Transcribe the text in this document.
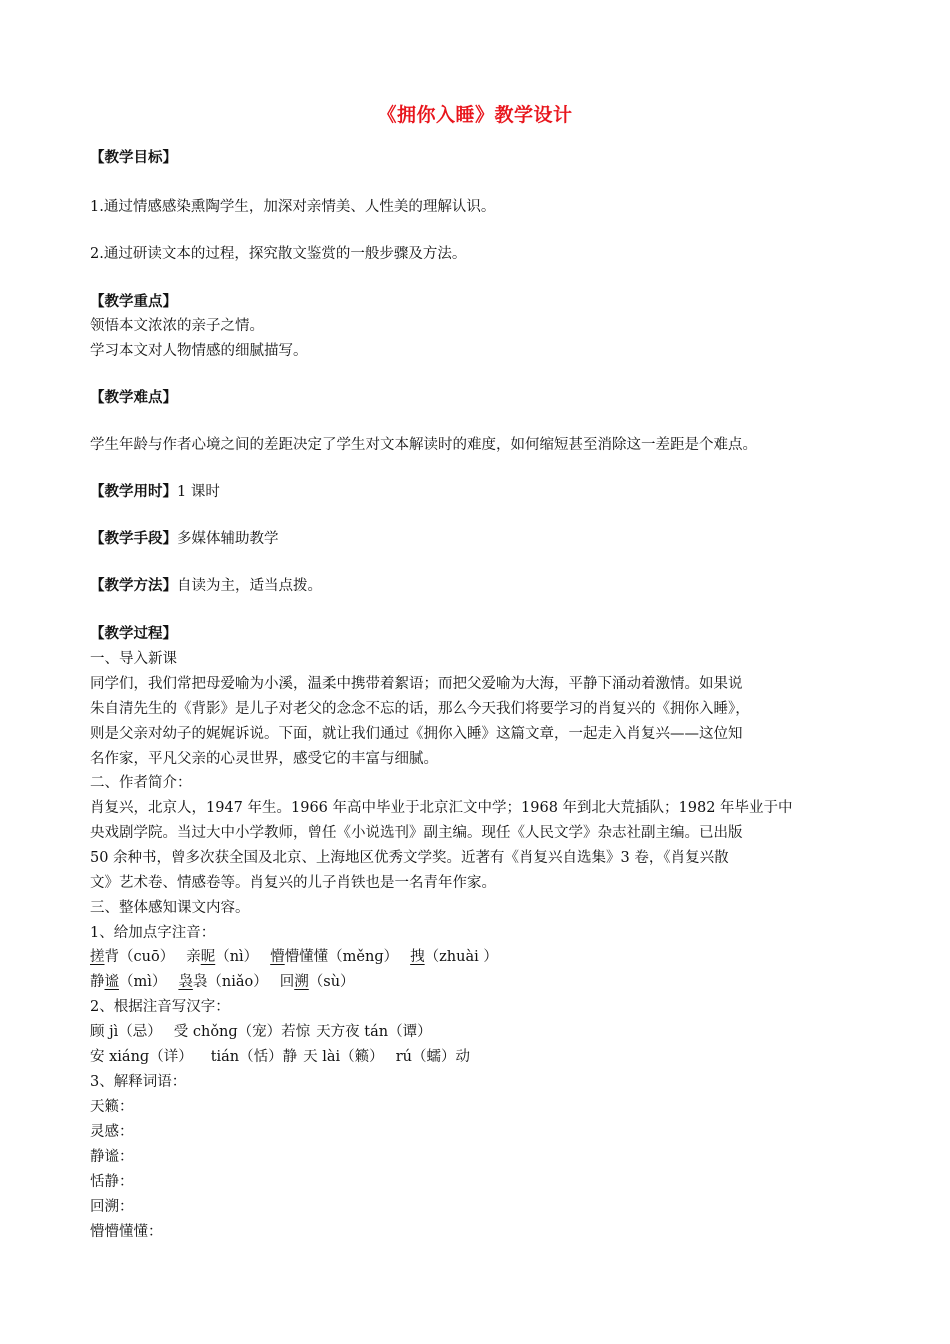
《拥你入睡》教学设计
【教学目标】
1.通过情感感染熏陶学生，加深对亲情美、人性美的理解认识。
2.通过研读文本的过程，探究散文鉴赏的一般步骤及方法。
【教学重点】
领悟本文浓浓的亲子之情。
学习本文对人物情感的细腻描写。
【教学难点】
学生年龄与作者心境之间的差距决定了学生对文本解读时的难度，如何缩短甚至消除这一差距是个难点。
【教学用时】1 课时
【教学手段】多媒体辅助教学
【教学方法】自读为主，适当点拨。
【教学过程】
一、导入新课
同学们，我们常把母爱喻为小溪，温柔中携带着絮语；而把父爱喻为大海，平静下涌动着激情。如果说
朱自清先生的《背影》是儿子对老父的念念不忘的话，那么今天我们将要学习的肖复兴的《拥你入睡》，
则是父亲对幼子的娓娓诉说。下面，就让我们通过《拥你入睡》这篇文章，一起走入肖复兴——这位知
名作家，平凡父亲的心灵世界，感受它的丰富与细腻。
二、作者简介：
肖复兴，北京人，1947 年生。1966 年高中毕业于北京汇文中学；1968 年到北大荒插队；1982 年毕业于中
央戏剧学院。当过大中小学教师，曾任《小说选刊》副主编。现任《人民文学》杂志社副主编。已出版
50 余种书，曾多次获全国及北京、上海地区优秀文学奖。近著有《肖复兴自选集》3 卷，《肖复兴散
文》艺术卷、情感卷等。肖复兴的儿子肖铁也是一名青年作家。
三、整体感知课文内容。
1、给加点字注音：
搓背（cuō） 亲昵（nì） 懵懵懂懂（měnɡ） 拽（zhuài ）
静谧（mì） 袅袅（niǎo） 回溯（sù）
2、根据注音写汉字：
顾 jì（忌） 受 chǒnɡ（宠）若惊 天方夜 tán（谭）
安 xiánɡ（详） tián（恬）静 天 lài（籁） rú（蠕）动
3、解释词语：
天籁：
灵感：
静谧：
恬静：
回溯：
懵懵懂懂：
